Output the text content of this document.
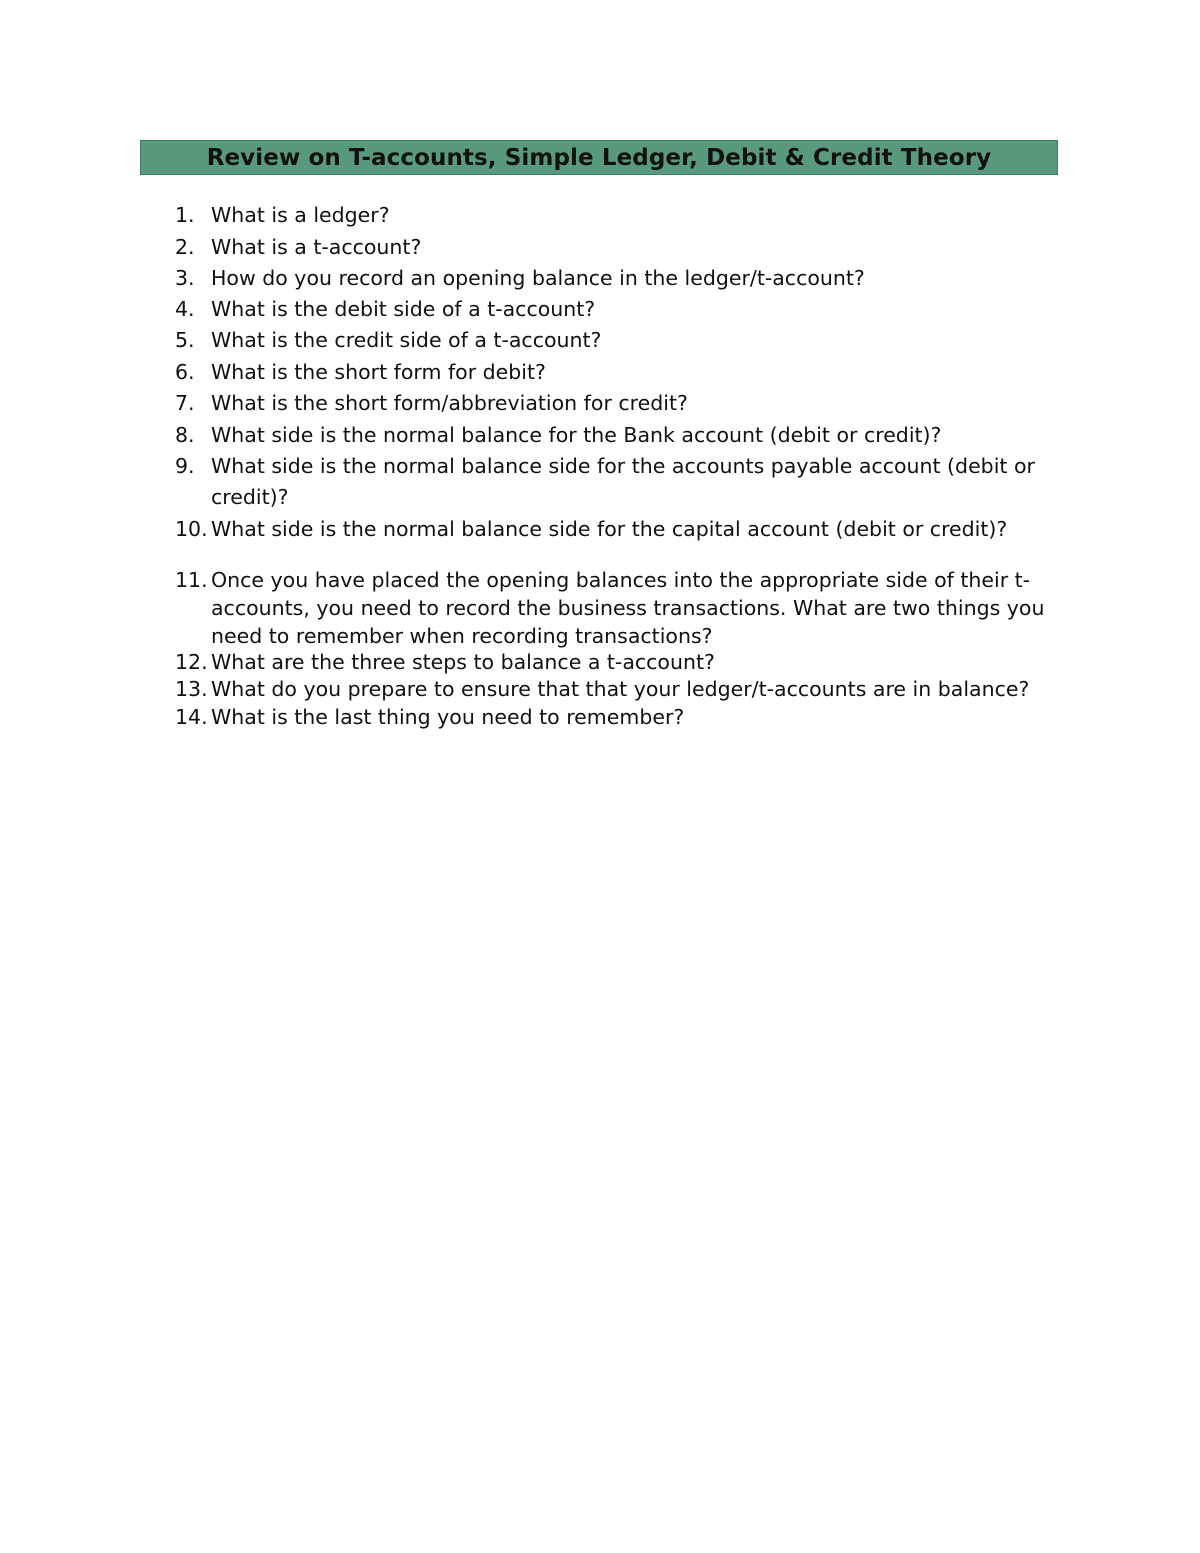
Review on T-accounts, Simple Ledger, Debit & Credit Theory
1. What is a ledger?
2. What is a t-account?
3. How do you record an opening balance in the ledger/t-account?
4. What is the debit side of a t-account?
5. What is the credit side of a t-account?
6. What is the short form for debit?
7. What is the short form/abbreviation for credit?
8. What side is the normal balance for the Bank account (debit or credit)?
9. What side is the normal balance side for the accounts payable account (debit or credit)?
10. What side is the normal balance side for the capital account (debit or credit)?
11. Once you have placed the opening balances into the appropriate side of their t-accounts, you need to record the business transactions. What are two things you need to remember when recording transactions?
12. What are the three steps to balance a t-account?
13. What do you prepare to ensure that that your ledger/t-accounts are in balance?
14. What is the last thing you need to remember?
